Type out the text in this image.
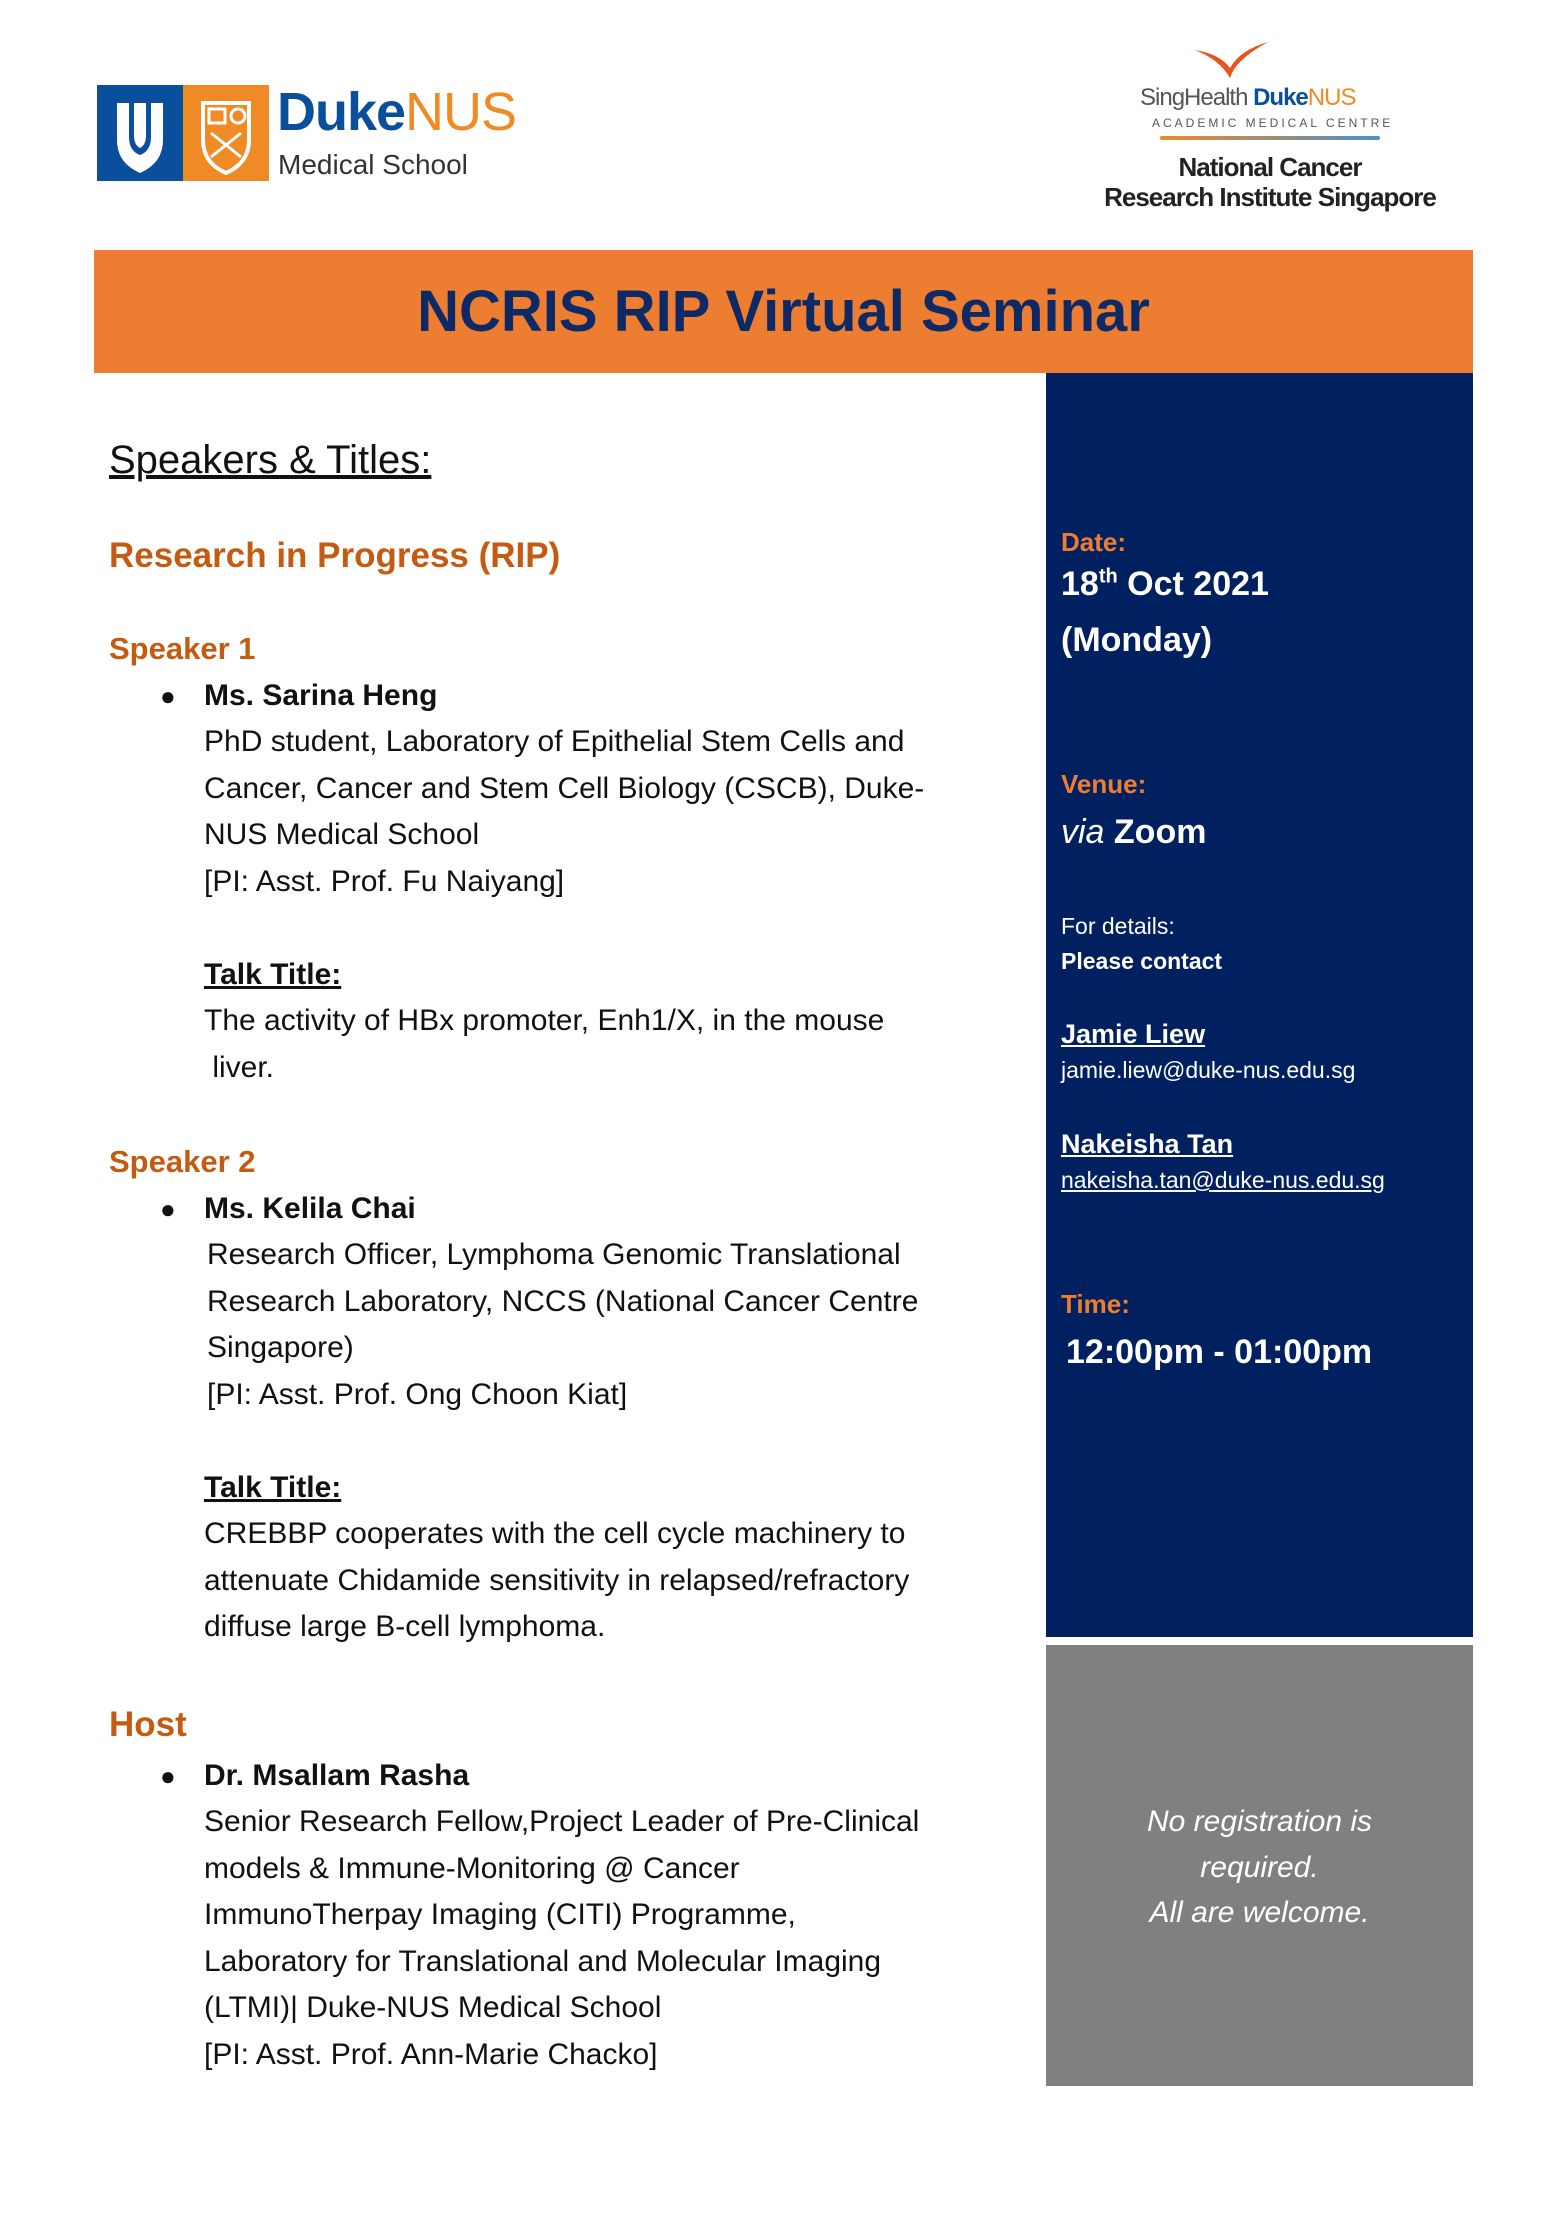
DukeNUS
Medical School
SingHealth DukeNUS
ACADEMIC MEDICAL CENTRE
National Cancer
Research Institute Singapore
NCRIS RIP Virtual Seminar
Speakers & Titles:
Research in Progress (RIP)
Speaker 1
● Ms. Sarina Heng
PhD student, Laboratory of Epithelial Stem Cells and
Cancer, Cancer and Stem Cell Biology (CSCB), Duke-
NUS Medical School
[PI: Asst. Prof. Fu Naiyang]
Talk Title:
The activity of HBx promoter, Enh1/X, in the mouse
liver.
Speaker 2
● Ms. Kelila Chai
Research Officer, Lymphoma Genomic Translational
Research Laboratory, NCCS (National Cancer Centre
Singapore)
[PI: Asst. Prof. Ong Choon Kiat]
Talk Title:
CREBBP cooperates with the cell cycle machinery to
attenuate Chidamide sensitivity in relapsed/refractory
diffuse large B-cell lymphoma.
Host
● Dr. Msallam Rasha
Senior Research Fellow,Project Leader of Pre-Clinical
models & Immune-Monitoring @ Cancer
ImmunoTherpay Imaging (CITI) Programme,
Laboratory for Translational and Molecular Imaging
(LTMI)| Duke-NUS Medical School
[PI: Asst. Prof. Ann-Marie Chacko]
Date:
18th Oct 2021
(Monday)
Venue:
via Zoom
For details:
Please contact
Jamie Liew
jamie.liew@duke-nus.edu.sg
Nakeisha Tan
nakeisha.tan@duke-nus.edu.sg
Time:
12:00pm - 01:00pm
No registration is
required.
All are welcome.
